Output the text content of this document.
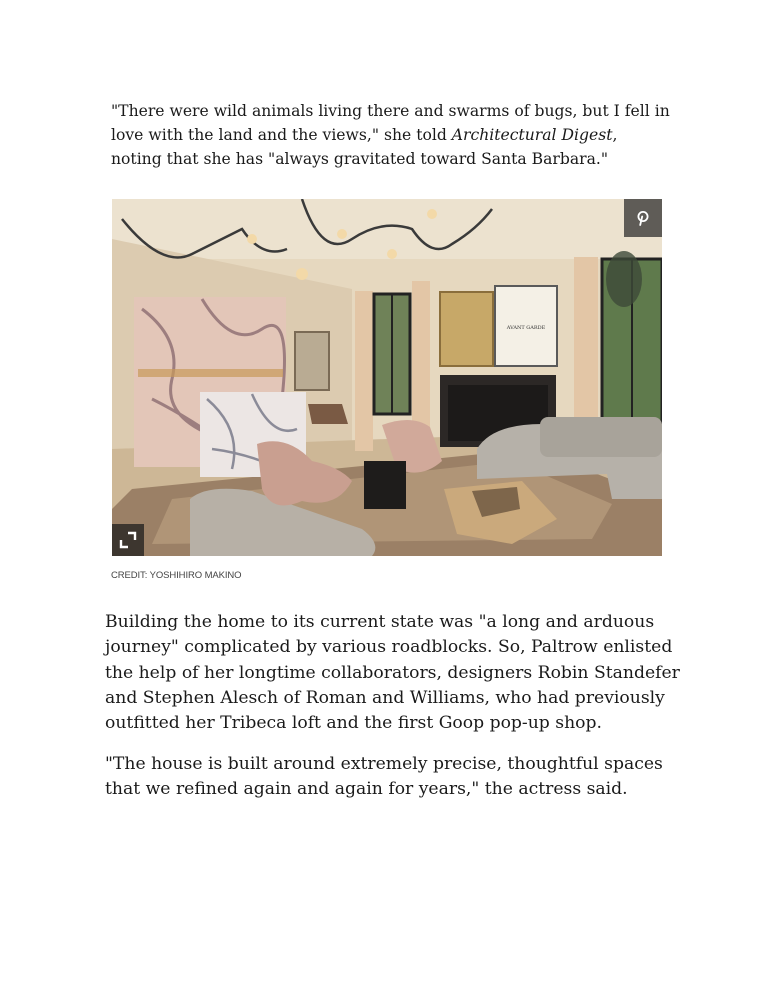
"There were wild animals living there and swarms of bugs, but I fell in love with the land and the views," she told Architectural Digest, noting that she has "always gravitated toward Santa Barbara."

AVANT GARDE
CREDIT: YOSHIHIRO MAKINO

Building the home to its current state was "a long and arduous journey" complicated by various roadblocks. So, Paltrow enlisted the help of her longtime collaborators, designers Robin Standefer and Stephen Alesch of Roman and Williams, who had previously outfitted her Tribeca loft and the first Goop pop-up shop.

"The house is built around extremely precise, thoughtful spaces that we refined again and again for years," the actress said.
